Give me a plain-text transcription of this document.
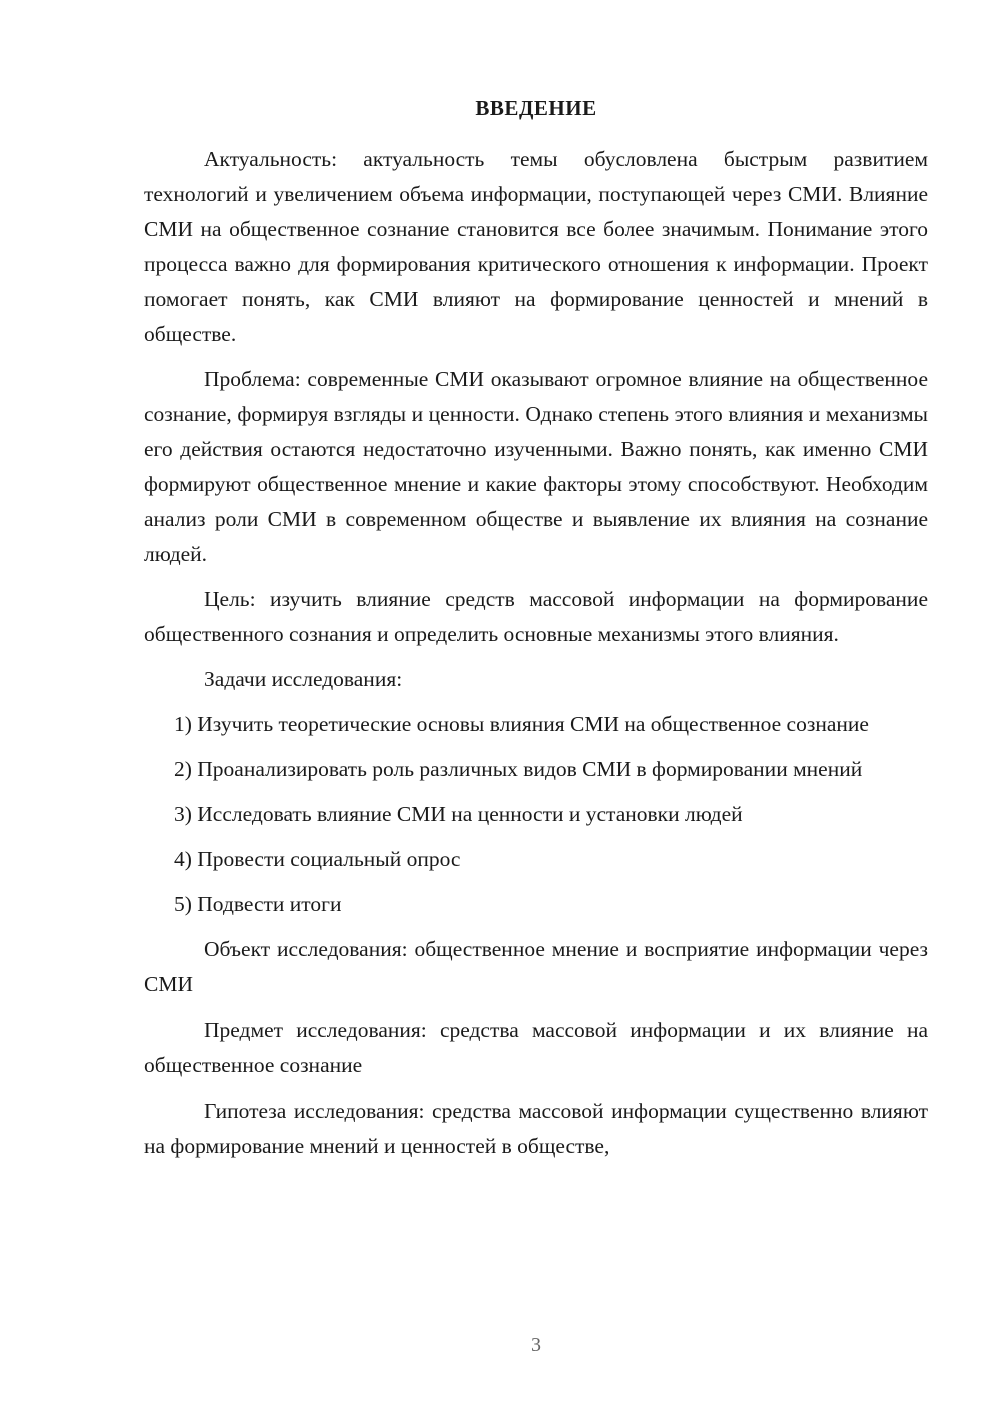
ВВЕДЕНИЕ

Актуальность: актуальность темы обусловлена быстрым развитием технологий и увеличением объема информации, поступающей через СМИ. Влияние СМИ на общественное сознание становится все более значимым. Понимание этого процесса важно для формирования критического отношения к информации. Проект помогает понять, как СМИ влияют на формирование ценностей и мнений в обществе.

Проблема: современные СМИ оказывают огромное влияние на общественное сознание, формируя взгляды и ценности. Однако степень этого влияния и механизмы его действия остаются недостаточно изученными. Важно понять, как именно СМИ формируют общественное мнение и какие факторы этому способствуют. Необходим анализ роли СМИ в современном обществе и выявление их влияния на сознание людей.

Цель: изучить влияние средств массовой информации на формирование общественного сознания и определить основные механизмы этого влияния.

Задачи исследования:

1) Изучить теоретические основы влияния СМИ на общественное сознание

2) Проанализировать роль различных видов СМИ в формировании мнений

3) Исследовать влияние СМИ на ценности и установки людей

4) Провести социальный опрос

5) Подвести итоги

Объект исследования: общественное мнение и восприятие информации через СМИ

Предмет исследования: средства массовой информации и их влияние на общественное сознание

Гипотеза исследования: средства массовой информации существенно влияют на формирование мнений и ценностей в обществе,

3
